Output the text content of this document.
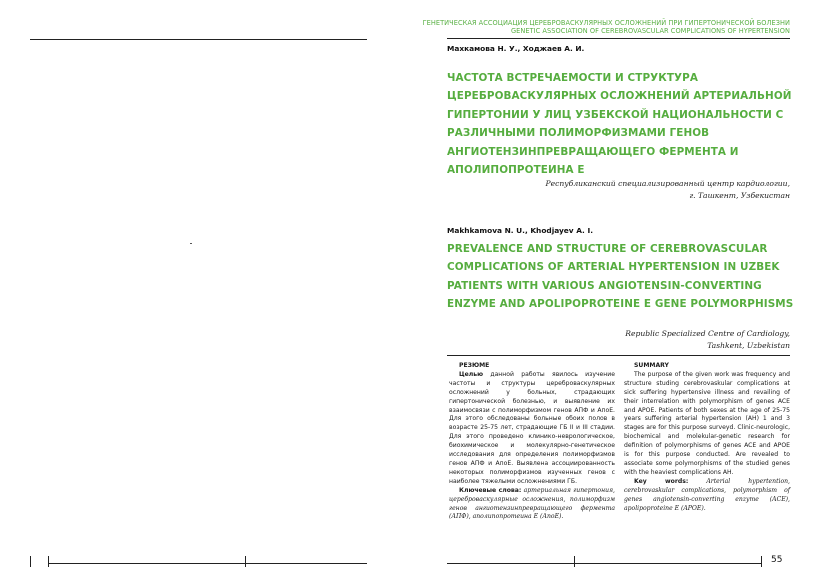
ГЕНЕТИЧЕСКАЯ АССОЦИАЦИЯ ЦЕРЕБРОВАСКУЛЯРНЫХ ОСЛОЖНЕНИЙ ПРИ ГИПЕРТОНИЧЕСКОЙ БОЛЕЗНИ
GENETIC ASSOCIATION OF CEREBROVASCULAR COMPLICATIONS OF HYPERTENSION
Махкамова Н. У., Ходжаев А. И.
ЧАСТОТА ВСТРЕЧАЕМОСТИ И СТРУКТУРА ЦЕРЕБРОВАСКУЛЯРНЫХ ОСЛОЖНЕНИЙ АРТЕРИАЛЬНОЙ ГИПЕРТОНИИ У ЛИЦ УЗБЕКСКОЙ НАЦИОНАЛЬНОСТИ С РАЗЛИЧНЫМИ ПОЛИМОРФИЗМАМИ ГЕНОВ АНГИОТЕНЗИНПРЕВРАЩАЮЩЕГО ФЕРМЕНТА И АПОЛИПОПРОТЕИНА Е
Республиканский специализированный центр кардиологии,
г. Ташкент, Узбекистан
Makhkamova N. U., Khodjayev A. I.
PREVALENCE AND STRUCTURE OF CEREBROVASCULAR COMPLICATIONS OF ARTERIAL HYPERTENSION IN UZBEK PATIENTS WITH VARIOUS ANGIOTENSIN-CONVERTING ENZYME AND APOLIPOPROTEINE E GENE POLYMORPHISMS
Republic Specialized Centre of Cardiology,
Tashkent, Uzbekistan
РЕЗЮМЕ

Целью данной работы явилось изучение частоты и структуры цереброваскулярных осложнений у больных, страдающих гипертонической болезнью, и выявление их взаимосвязи с полиморфизмом генов АПФ и АпоЕ. Для этого обследованы больные обоих полов в возрасте 25-75 лет, страдающие ГБ II и III стадии. Для этого проведено клинико-неврологическое, биохимическое и молекулярно-генетическое исследования для определения полиморфизмов генов АПФ и АпоЕ. Выявлена ассоциированность некоторых полиморфизмов изученных генов с наиболее тяжелыми осложнениями ГБ.

Ключевые слова: артериальная гипертония, цереброваскулярные осложнения, полиморфизм генов ангиотензинпревращающего фермента (АПФ), аполипопротеина Е (АпоЕ).

SUMMARY

The purpose of the given work was frequency and structure studing cerebrovaskular complications at sick suffering hypertensive illness and revailing of their interrelation with polymorphism of genes ACE and APOE. Patients of both sexes at the age of 25-75 years suffering arterial hypertension (AH) 1 and 3 stages are for this purpose surveyd. Clinic-neurologic, biochemical and molekular-genetic research for definition of polymorphisms of genes ACE and APOE is for this purpose conducted. Are revealed to associate some polymorphisms of the studied genes with the heaviest complications AH.

Key words: Arterial hypertention, cerebrovaskular complications, polymorphism of genes angiotensin-converting enzyme (ACE), apolipoproteine E (APOE).

55
